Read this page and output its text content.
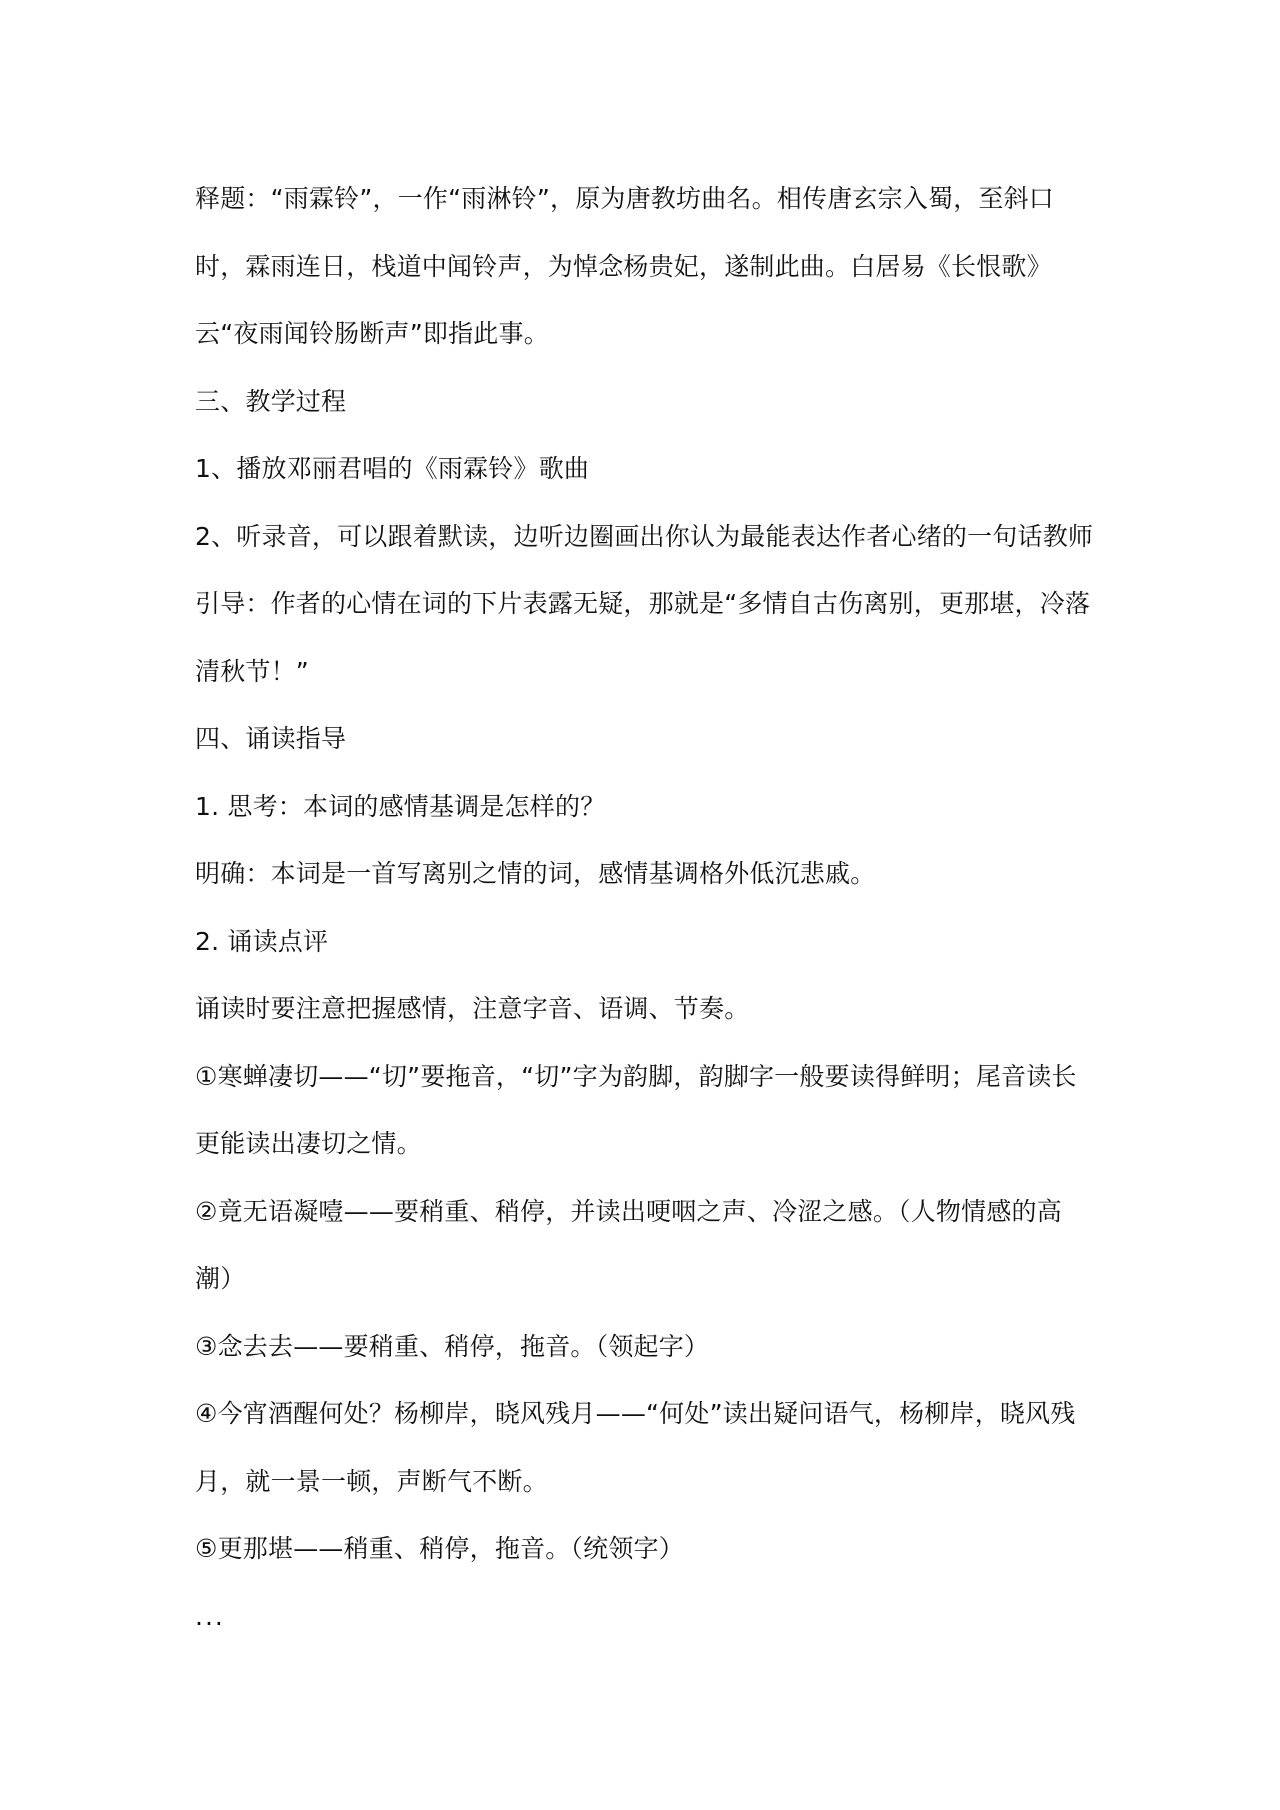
释题：“雨霖铃”，一作“雨淋铃”，原为唐教坊曲名。相传唐玄宗入蜀，至斜口时，霖雨连日，栈道中闻铃声，为悼念杨贵妃，遂制此曲。白居易《长恨歌》云“夜雨闻铃肠断声”即指此事。

三、教学过程

1、播放邓丽君唱的《雨霖铃》歌曲

2、听录音，可以跟着默读，边听边圈画出你认为最能表达作者心绪的一句话教师引导：作者的心情在词的下片表露无疑，那就是“多情自古伤离别，更那堪，冷落清秋节！”

四、诵读指导

1. 思考：本词的感情基调是怎样的？

明确：本词是一首写离别之情的词，感情基调格外低沉悲戚。

2. 诵读点评

诵读时要注意把握感情，注意字音、语调、节奏。

①寒蝉凄切——“切”要拖音，“切”字为韵脚，韵脚字一般要读得鲜明；尾音读长更能读出凄切之情。

②竟无语凝噎——要稍重、稍停，并读出哽咽之声、冷涩之感。（人物情感的高潮）

③念去去——要稍重、稍停，拖音。（领起字）

④今宵酒醒何处？杨柳岸，晓风残月——“何处”读出疑问语气，杨柳岸，晓风残月，就一景一顿，声断气不断。

⑤更那堪——稍重、稍停，拖音。（统领字）

...
